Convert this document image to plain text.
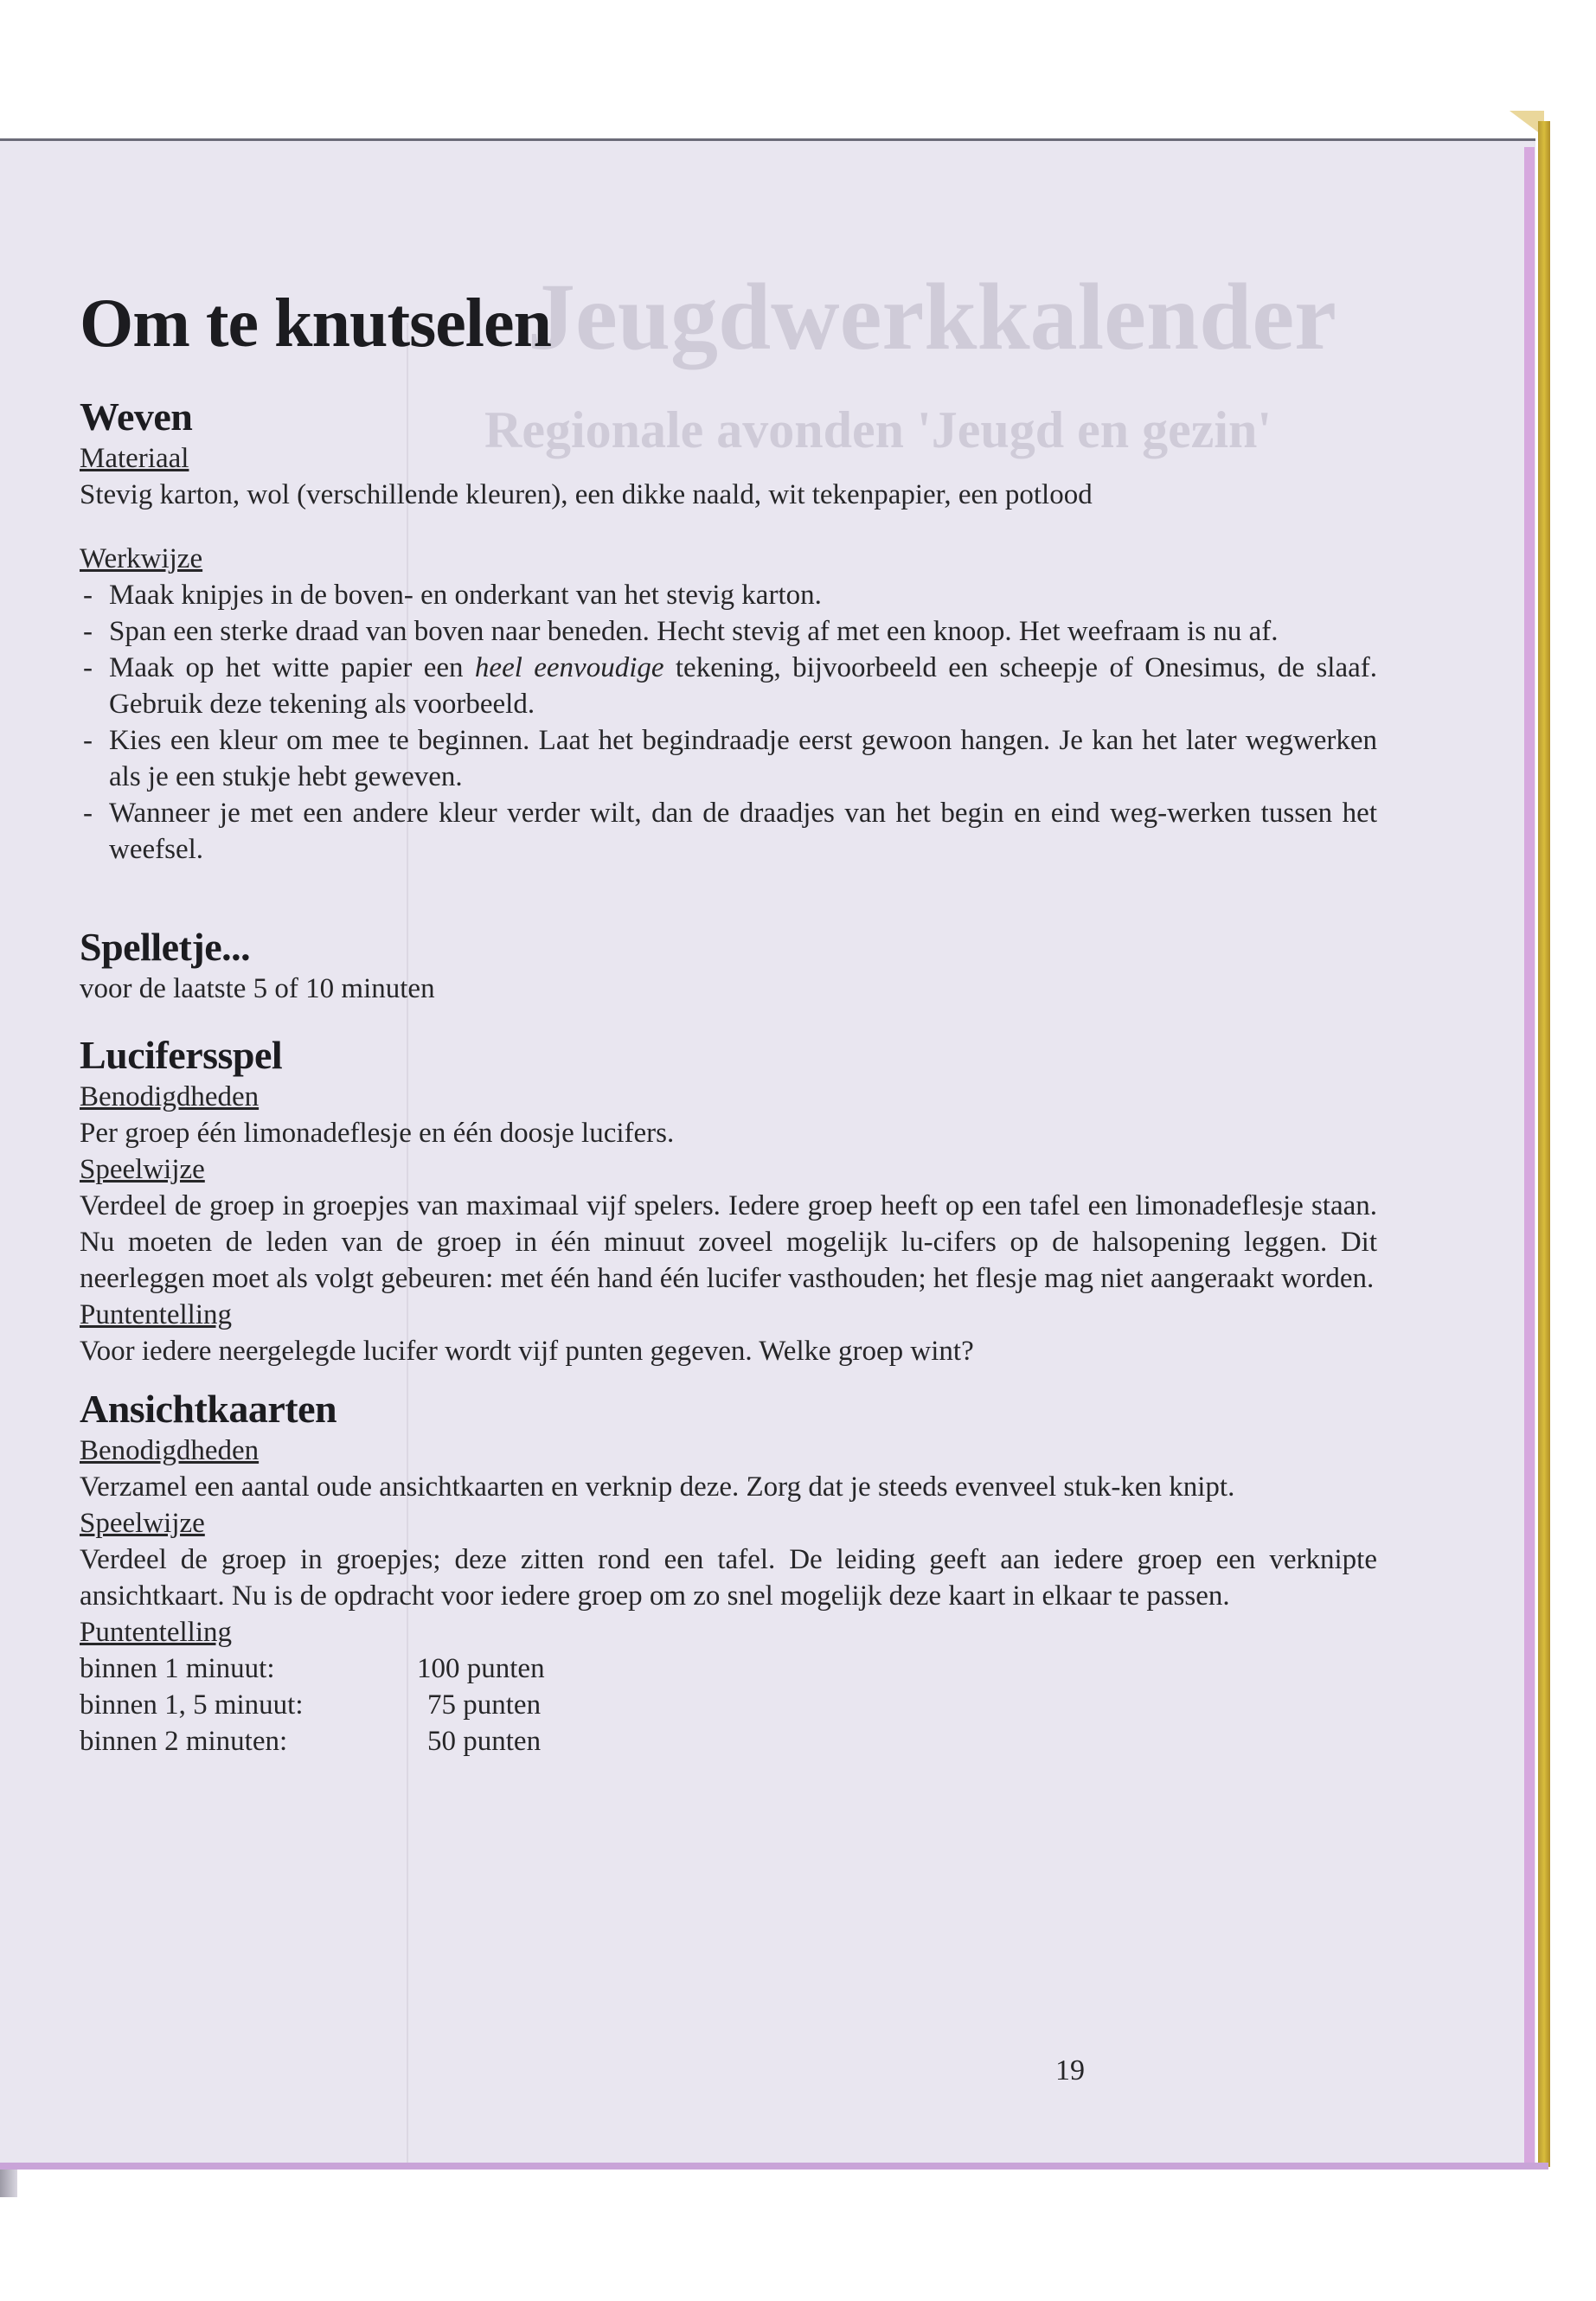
Jeugdwerkkalender
Regionale avonden 'Jeugd en gezin'
Om te knutselen
Weven
Materiaal

Stevig karton, wol (verschillende kleuren), een dikke naald, wit tekenpapier, een potlood

Werkwijze
- Maak knipjes in de boven- en onderkant van het stevig karton.
- Span een sterke draad van boven naar beneden. Hecht stevig af met een knoop. Het weefraam is nu af.
- Maak op het witte papier een heel eenvoudige tekening, bijvoorbeeld een scheepje of Onesimus, de slaaf. Gebruik deze tekening als voorbeeld.
- Kies een kleur om mee te beginnen. Laat het begindraadje eerst gewoon hangen. Je kan het later wegwerken als je een stukje hebt geweven.
- Wanneer je met een andere kleur verder wilt, dan de draadjes van het begin en eind weg-werken tussen het weefsel.
Spelletje...

voor de laatste 5 of 10 minuten

Lucifersspel
Benodigdheden

Per groep één limonadeflesje en één doosje lucifers.

Speelwijze

Verdeel de groep in groepjes van maximaal vijf spelers. Iedere groep heeft op een tafel een limonadeflesje staan. Nu moeten de leden van de groep in één minuut zoveel mogelijk lu-cifers op de halsopening leggen. Dit neerleggen moet als volgt gebeuren: met één hand één lucifer vasthouden; het flesje mag niet aangeraakt worden.

Puntentelling

Voor iedere neergelegde lucifer wordt vijf punten gegeven. Welke groep wint?

Ansichtkaarten
Benodigdheden

Verzamel een aantal oude ansichtkaarten en verknip deze. Zorg dat je steeds evenveel stuk-ken knipt.

Speelwijze

Verdeel de groep in groepjes; deze zitten rond een tafel. De leiding geeft aan iedere groep een verknipte ansichtkaart. Nu is de opdracht voor iedere groep om zo snel mogelijk deze kaart in elkaar te passen.

Puntentelling
binnen 1 minuut:	100 punten
binnen 1, 5 minuut:	75 punten
binnen 2 minuten:	50 punten
19
